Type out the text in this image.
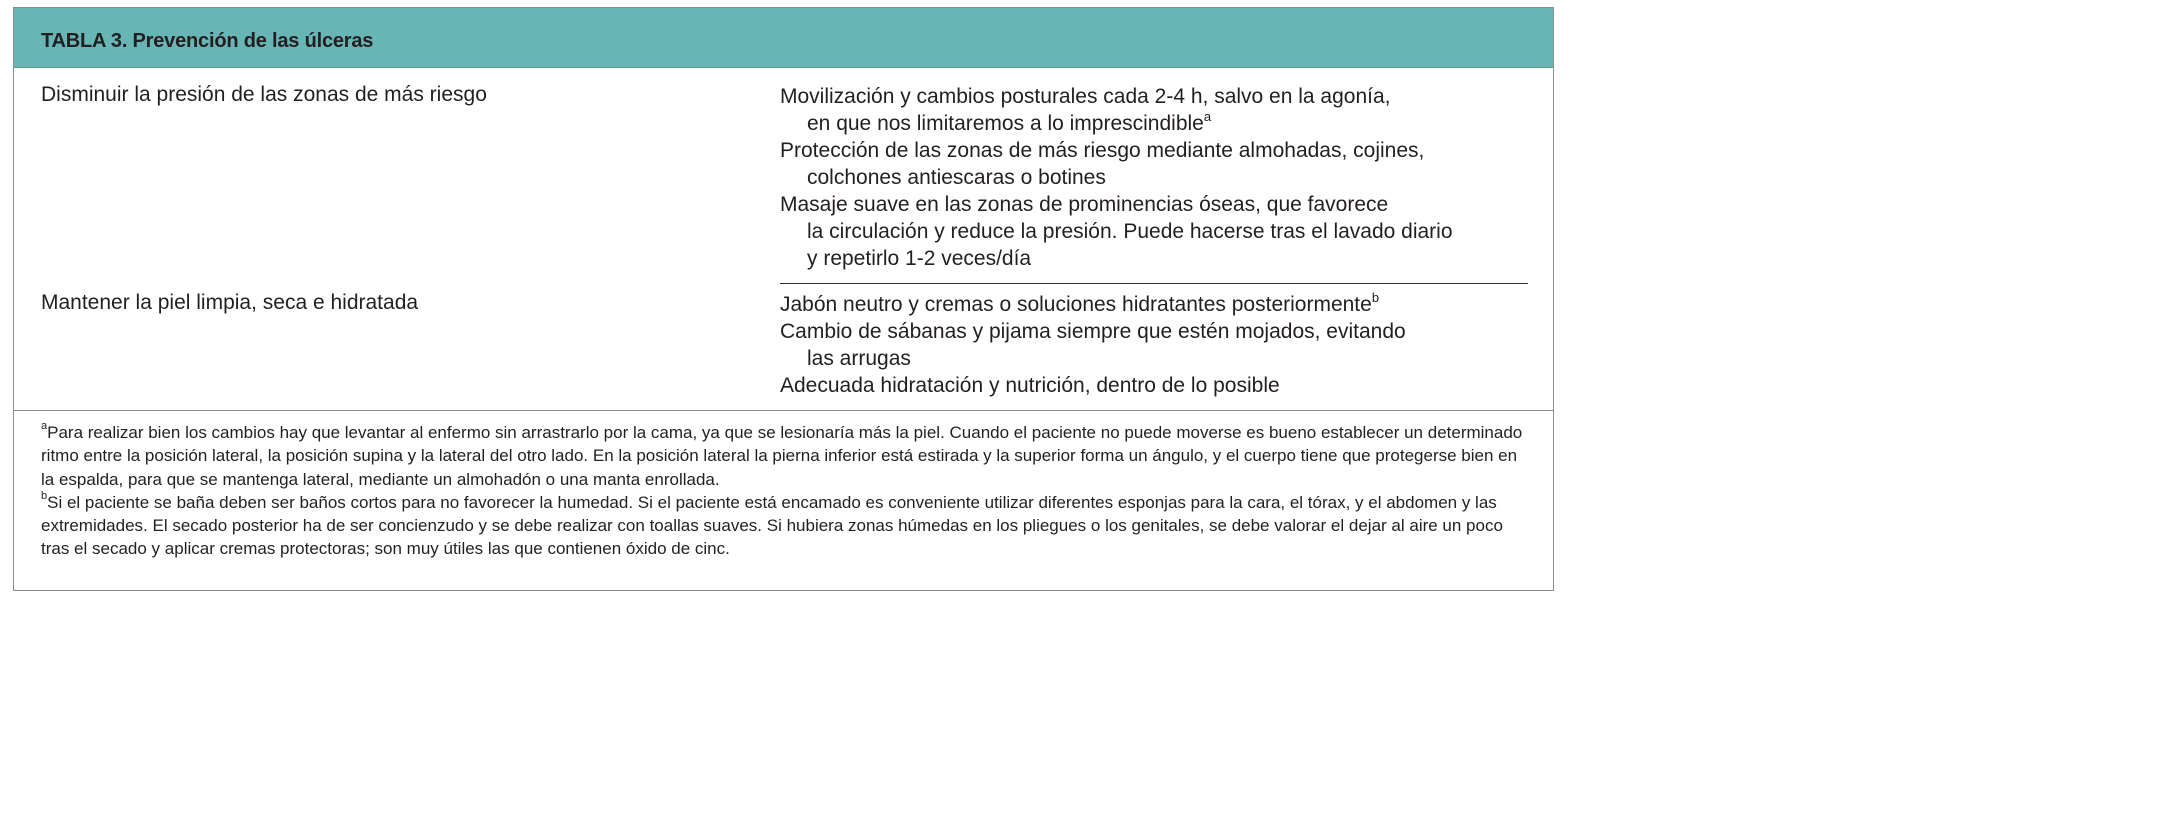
TABLA 3. Prevención de las úlceras
Disminuir la presión de las zonas de más riesgo	Movilización y cambios posturales cada 2-4 h, salvo en la agonía,
en que nos limitaremos a lo imprescindible$^a$
Protección de las zonas de más riesgo mediante almohadas, cojines,
colchones antiescaras o botines
Masaje suave en las zonas de prominencias óseas, que favorece
la circulación y reduce la presión. Puede hacerse tras el lavado diario
y repetirlo 1-2 veces/día
Mantener la piel limpia, seca e hidratada	Jabón neutro y cremas o soluciones hidratantes posteriormente$^b$
Cambio de sábanas y pijama siempre que estén mojados, evitando
las arrugas
Adecuada hidratación y nutrición, dentro de lo posible

$^a$Para realizar bien los cambios hay que levantar al enfermo sin arrastrarlo por la cama, ya que se lesionaría más la piel. Cuando el paciente no puede moverse es bueno establecer un determinado ritmo entre la posición lateral, la posición supina y la lateral del otro lado. En la posición lateral la pierna inferior está estirada y la superior forma un ángulo, y el cuerpo tiene que protegerse bien en la espalda, para que se mantenga lateral, mediante un almohadón o una manta enrollada.

$^b$Si el paciente se baña deben ser baños cortos para no favorecer la humedad. Si el paciente está encamado es conveniente utilizar diferentes esponjas para la cara, el tórax, y el abdomen y las extremidades. El secado posterior ha de ser concienzudo y se debe realizar con toallas suaves. Si hubiera zonas húmedas en los pliegues o los genitales, se debe valorar el dejar al aire un poco tras el secado y aplicar cremas protectoras; son muy útiles las que contienen óxido de cinc.
